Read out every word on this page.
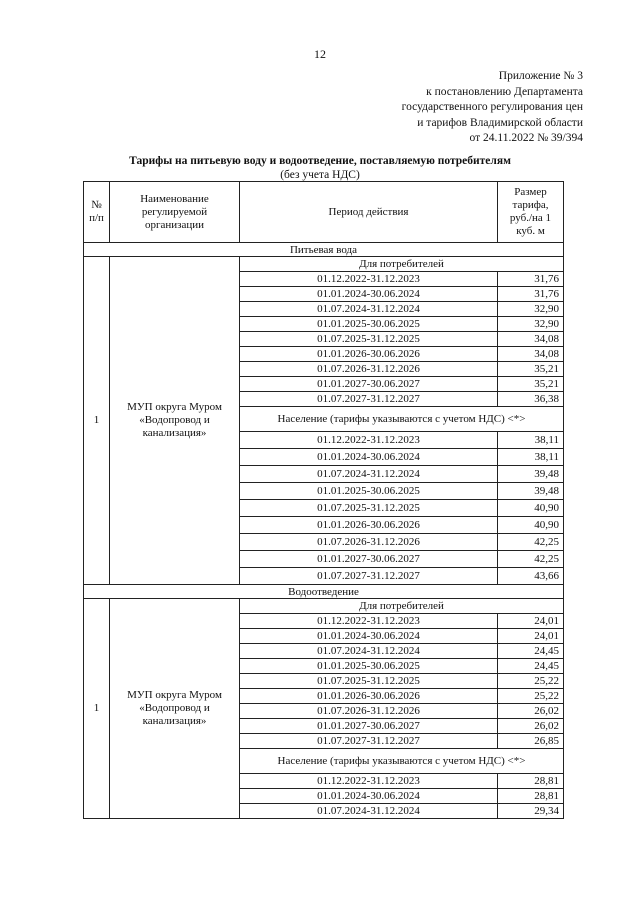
12
Приложение № 3
к постановлению Департамента
государственного регулирования цен
и тарифов Владимирской области
от 24.11.2022 № 39/394
Тарифы на питьевую воду и водоотведение, поставляемую потребителям
(без учета НДС)
№ п/п	Наименование регулируемой организации	Период действия	Размер тарифа, руб./на 1 куб. м
Питьевая вода			
1	МУП округа Муром «Водопровод и канализация»	Для потребителей	
		01.12.2022-31.12.2023	31,76
		01.01.2024-30.06.2024	31,76
		01.07.2024-31.12.2024	32,90
		01.01.2025-30.06.2025	32,90
		01.07.2025-31.12.2025	34,08
		01.01.2026-30.06.2026	34,08
		01.07.2026-31.12.2026	35,21
		01.01.2027-30.06.2027	35,21
		01.07.2027-31.12.2027	36,38
		Население (тарифы указываются с учетом НДС) <*>	
		01.12.2022-31.12.2023	38,11
		01.01.2024-30.06.2024	38,11
		01.07.2024-31.12.2024	39,48
		01.01.2025-30.06.2025	39,48
		01.07.2025-31.12.2025	40,90
		01.01.2026-30.06.2026	40,90
		01.07.2026-31.12.2026	42,25
		01.01.2027-30.06.2027	42,25
		01.07.2027-31.12.2027	43,66
Водоотведение			
1	МУП округа Муром «Водопровод и канализация»	Для потребителей	
		01.12.2022-31.12.2023	24,01
		01.01.2024-30.06.2024	24,01
		01.07.2024-31.12.2024	24,45
		01.01.2025-30.06.2025	24,45
		01.07.2025-31.12.2025	25,22
		01.01.2026-30.06.2026	25,22
		01.07.2026-31.12.2026	26,02
		01.01.2027-30.06.2027	26,02
		01.07.2027-31.12.2027	26,85
		Население (тарифы указываются с учетом НДС) <*>	
		01.12.2022-31.12.2023	28,81
		01.01.2024-30.06.2024	28,81
		01.07.2024-31.12.2024	29,34
